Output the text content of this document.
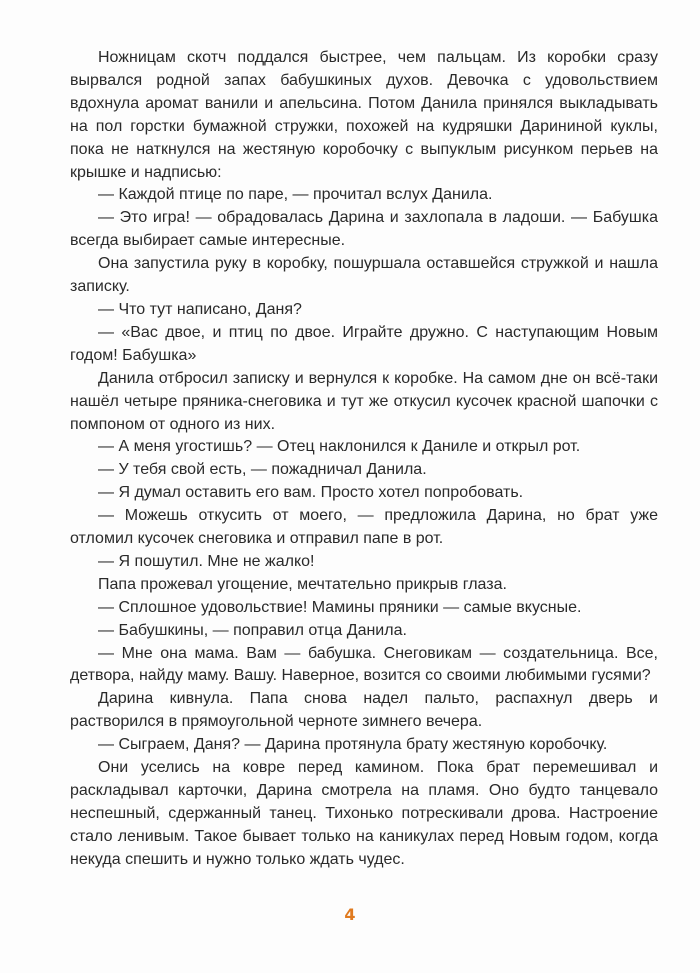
Ножницам скотч поддался быстрее, чем пальцам. Из коробки сразу вырвался родной запах бабушкиных духов. Девочка с удовольствием вдохнула аромат ванили и апельсина. Потом Данила принялся выкладывать на пол горстки бумажной стружки, похожей на кудряшки Дарининой куклы, пока не наткнулся на жестяную коробочку с выпуклым рисунком перьев на крышке и надписью:

— Каждой птице по паре, — прочитал вслух Данила.

— Это игра! — обрадовалась Дарина и захлопала в ладоши. — Бабушка всегда выбирает самые интересные.

Она запустила руку в коробку, пошуршала оставшейся стружкой и нашла записку.

— Что тут написано, Даня?

— «Вас двое, и птиц по двое. Играйте дружно. С наступающим Новым годом! Бабушка»

Данила отбросил записку и вернулся к коробке. На самом дне он всё-таки нашёл четыре пряника-снеговика и тут же откусил кусочек красной шапочки с помпоном от одного из них.

— А меня угостишь? — Отец наклонился к Даниле и открыл рот.

— У тебя свой есть, — пожадничал Данила.

— Я думал оставить его вам. Просто хотел попробовать.

— Можешь откусить от моего, — предложила Дарина, но брат уже отломил кусочек снеговика и отправил папе в рот.

— Я пошутил. Мне не жалко!

Папа прожевал угощение, мечтательно прикрыв глаза.

— Сплошное удовольствие! Мамины пряники — самые вкусные.

— Бабушкины, — поправил отца Данила.

— Мне она мама. Вам — бабушка. Снеговикам — создательница. Все, детвора, найду маму. Вашу. Наверное, возится со своими любимыми гусями?

Дарина кивнула. Папа снова надел пальто, распахнул дверь и растворился в прямоугольной черноте зимнего вечера.

— Сыграем, Даня? — Дарина протянула брату жестяную коробочку.

Они уселись на ковре перед камином. Пока брат перемешивал и раскладывал карточки, Дарина смотрела на пламя. Оно будто танцевало неспешный, сдержанный танец. Тихонько потрескивали дрова. Настроение стало ленивым. Такое бывает только на каникулах перед Новым годом, когда некуда спешить и нужно только ждать чудес.

4
